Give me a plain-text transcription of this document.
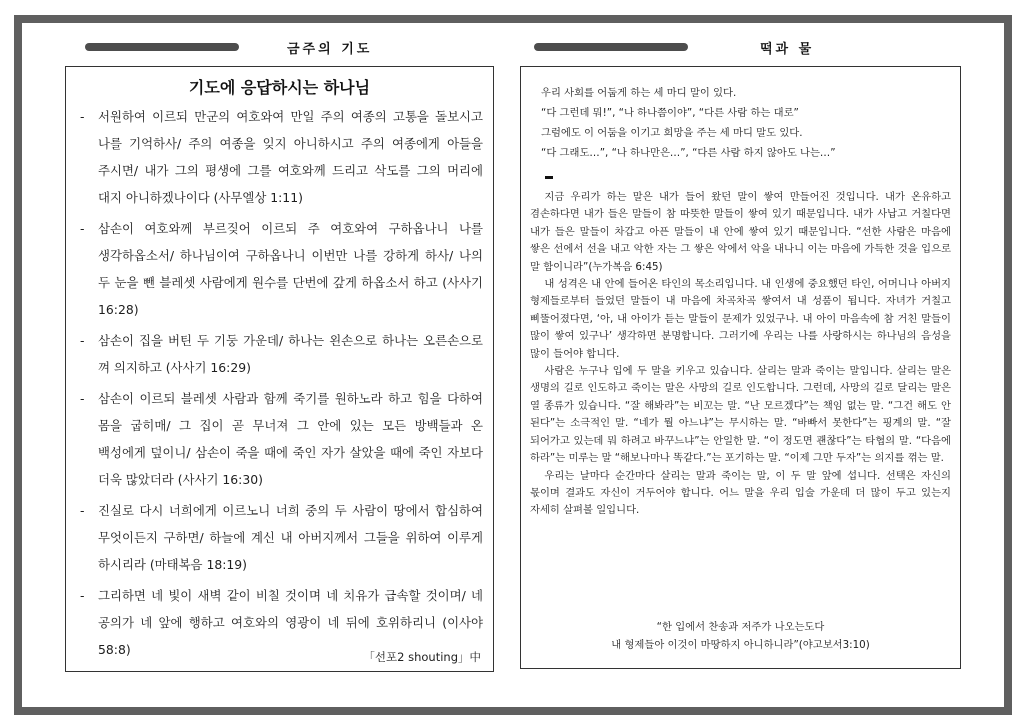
금주의 기도	떡과 물
기도에 응답하시는 하나님
- 서원하여 이르되 만군의 여호와여 만일 주의 여종의 고통을 돌보시고 나를 기억하사/ 주의 여종을 잊지 아니하시고 주의 여종에게 아들을 주시면/ 내가 그의 평생에 그를 여호와께 드리고 삭도를 그의 머리에 대지 아니하겠나이다 (사무엘상 1:11)
- 삼손이 여호와께 부르짖어 이르되 주 여호와여 구하옵나니 나를 생각하옵소서/ 하나님이여 구하옵나니 이번만 나를 강하게 하사/ 나의 두 눈을 뺀 블레셋 사람에게 원수를 단번에 갚게 하옵소서 하고 (사사기 16:28)
- 삼손이 집을 버틴 두 기둥 가운데/ 하나는 왼손으로 하나는 오른손으로 껴 의지하고 (사사기 16:29)
- 삼손이 이르되 블레셋 사람과 함께 죽기를 원하노라 하고 힘을 다하여 몸을 굽히매/ 그 집이 곧 무너져 그 안에 있는 모든 방백들과 온 백성에게 덮이니/ 삼손이 죽을 때에 죽인 자가 살았을 때에 죽인 자보다 더욱 많았더라 (사사기 16:30)
- 진실로 다시 너희에게 이르노니 너희 중의 두 사람이 땅에서 합심하여 무엇이든지 구하면/ 하늘에 계신 내 아버지께서 그들을 위하여 이루게 하시리라 (마태복음 18:19)
- 그리하면 네 빛이 새벽 같이 비칠 것이며 네 치유가 급속할 것이며/ 네 공의가 네 앞에 행하고 여호와의 영광이 네 뒤에 호위하리니 (이사야 58:8)	「선포2 shouting」中
우리 사회를 어둡게 하는 세 마디 말이 있다.
“다 그런데 뭐!”, “나 하나쯤이야”, “다른 사람 하는 대로”
그럼에도 이 어둠을 이기고 희망을 주는 세 마디 말도 있다.
“다 그래도…”, “나 하나만은…”, “다른 사람 하지 않아도 나는…”

지금 우리가 하는 말은 내가 들어 왔던 말이 쌓여 만들어진 것입니다. 내가 온유하고 겸손하다면 내가 들은 말들이 참 따뜻한 말들이 쌓여 있기 때문입니다. 내가 사납고 거칠다면 내가 들은 말들이 차갑고 아픈 말들이 내 안에 쌓여 있기 때문입니다. “선한 사람은 마음에 쌓은 선에서 선을 내고 악한 자는 그 쌓은 악에서 악을 내나니 이는 마음에 가득한 것을 입으로 말 함이니라”(누가복음 6:45)

내 성격은 내 안에 들어온 타인의 목소리입니다. 내 인생에 중요했던 타인, 어머니나 아버지 형제들로부터 들었던 말들이 내 마음에 차곡차곡 쌓여서 내 성품이 됩니다. 자녀가 거칠고 삐뚤어졌다면, ‘아, 내 아이가 듣는 말들이 문제가 있었구나. 내 아이 마음속에 참 거친 말들이 많이 쌓여 있구나’ 생각하면 분명합니다. 그러기에 우리는 나를 사랑하시는 하나님의 음성을 많이 들어야 합니다.

사람은 누구나 입에 두 말을 키우고 있습니다. 살리는 말과 죽이는 말입니다. 살리는 말은 생명의 길로 인도하고 죽이는 말은 사망의 길로 인도합니다. 그런데, 사망의 길로 달리는 말은 열 종류가 있습니다. “잘 해봐라”는 비꼬는 말. “난 모르겠다”는 책임 없는 말. “그건 해도 안 된다”는 소극적인 말. “네가 뭘 아느냐”는 무시하는 말. “바빠서 못한다”는 핑계의 말. “잘 되어가고 있는데 뭐 하려고 바꾸느냐”는 안일한 말. “이 정도면 괜찮다”는 타협의 말. “다음에 하라”는 미루는 말 “해보나마나 똑같다.”는 포기하는 말. “이제 그만 두자”는 의지를 꺾는 말.

우리는 날마다 순간마다 살리는 말과 죽이는 말, 이 두 말 앞에 섭니다. 선택은 자신의 몫이며 결과도 자신이 거두어야 합니다. 어느 말을 우리 입술 가운데 더 많이 두고 있는지 자세히 살펴볼 일입니다.

“한 입에서 찬송과 저주가 나오는도다
내 형제들아 이것이 마땅하지 아니하니라”(야고보서3:10)
